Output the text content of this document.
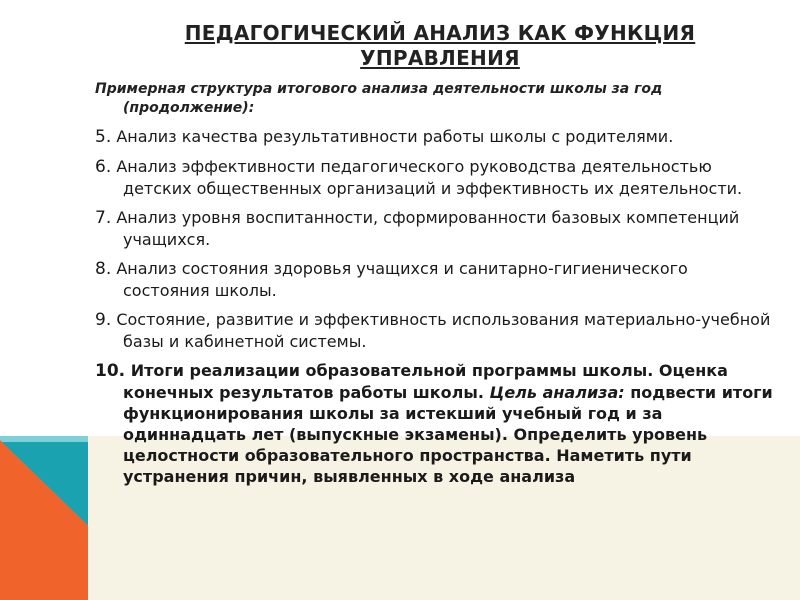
ПЕДАГОГИЧЕСКИЙ АНАЛИЗ КАК ФУНКЦИЯ
УПРАВЛЕНИЯ
Примерная структура итогового анализа деятельности школы за год (продолжение):
5. Анализ качества результативности работы школы с родителями.
6. Анализ эффективности педагогического руководства деятельностью детских общественных организаций и эффективность их деятельности.
7. Анализ уровня воспитанности, сформированности базовых компетенций учащихся.
8. Анализ состояния здоровья учащихся и санитарно-гигиенического состояния школы.
9. Состояние, развитие и эффективность использования материально-учебной базы и кабинетной системы.
10. Итоги реализации образовательной программы школы. Оценка конечных результатов работы школы. Цель анализа: подвести итоги функционирования школы за истекший учебный год и за одиннадцать лет (выпускные экзамены). Определить уровень целостности образовательного пространства. Наметить пути устранения причин, выявленных в ходе анализа
